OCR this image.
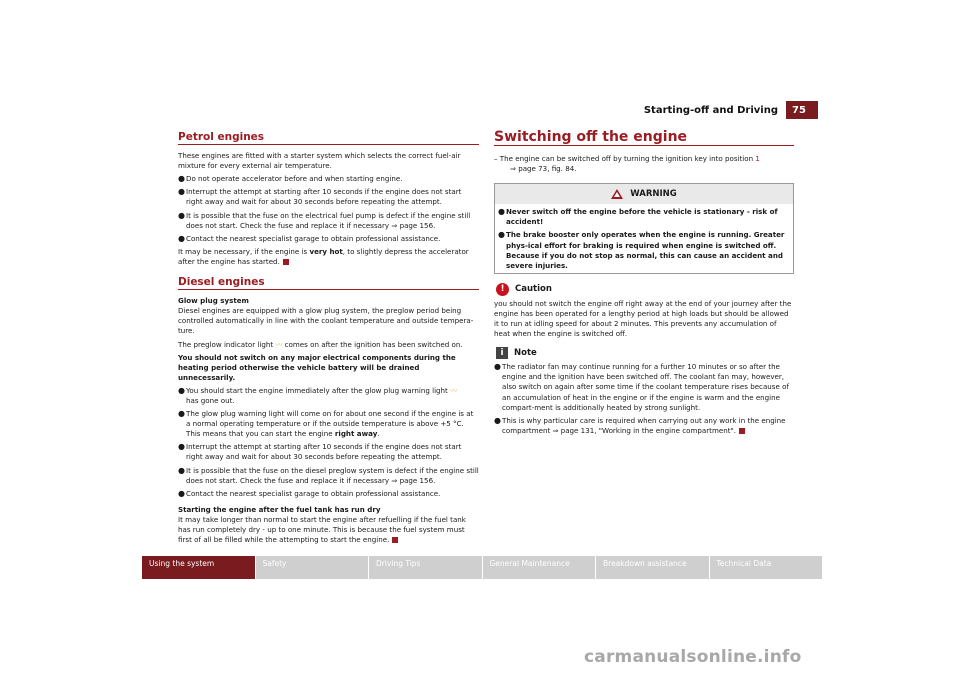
Starting-off and Driving	75
Petrol engines

These engines are fitted with a starter system which selects the correct fuel-air mixture for every external air temperature.

● Do not operate accelerator before and when starting engine.
● Interrupt the attempt at starting after 10 seconds if the engine does not start right away and wait for about 30 seconds before repeating the attempt.
● It is possible that the fuse on the electrical fuel pump is defect if the engine still does not start. Check the fuse and replace it if necessary ⇒ page 156.
● Contact the nearest specialist garage to obtain professional assistance.

It may be necessary, if the engine is very hot, to slightly depress the accelerator after the engine has started.

Diesel engines

Glow plug system

Diesel engines are equipped with a glow plug system, the preglow period being controlled automatically in line with the coolant temperature and outside tempera-ture.

The preglow indicator light 〰 comes on after the ignition has been switched on.

You should not switch on any major electrical components during the heating period otherwise the vehicle battery will be drained unnecessarily.

● You should start the engine immediately after the glow plug warning light 〰
has gone out.
● The glow plug warning light will come on for about one second if the engine is at a normal operating temperature or if the outside temperature is above +5 °C. This means that you can start the engine right away.
● Interrupt the attempt at starting after 10 seconds if the engine does not start right away and wait for about 30 seconds before repeating the attempt.
● It is possible that the fuse on the diesel preglow system is defect if the engine still does not start. Check the fuse and replace it if necessary ⇒ page 156.
● Contact the nearest specialist garage to obtain professional assistance.

Starting the engine after the fuel tank has run dry

It may take longer than normal to start the engine after refuelling if the fuel tank has run completely dry - up to one minute. This is because the fuel system must first of all be filled while the attempting to start the engine.

Switching off the engine

– The engine can be switched off by turning the ignition key into position 1
⇒ page 73, fig. 84.

WARNING
● Never switch off the engine before the vehicle is stationary - risk of accident!
● The brake booster only operates when the engine is running. Greater phys-ical effort for braking is required when engine is switched off. Because if you do not stop as normal, this can cause an accident and severe injuries.
!	Caution

you should not switch the engine off right away at the end of your journey after the engine has been operated for a lengthy period at high loads but should be allowed it to run at idling speed for about 2 minutes. This prevents any accumulation of heat when the engine is switched off.

i	Note
● The radiator fan may continue running for a further 10 minutes or so after the engine and the ignition have been switched off. The coolant fan may, however, also switch on again after some time if the coolant temperature rises because of an accumulation of heat in the engine or if the engine is warm and the engine compart-ment is additionally heated by strong sunlight.
● This is why particular care is required when carrying out any work in the engine compartment ⇒ page 131, "Working in the engine compartment".
Using the system	Safety	Driving Tips	General Maintenance	Breakdown assistance	Technical Data
carmanualsonline.info
